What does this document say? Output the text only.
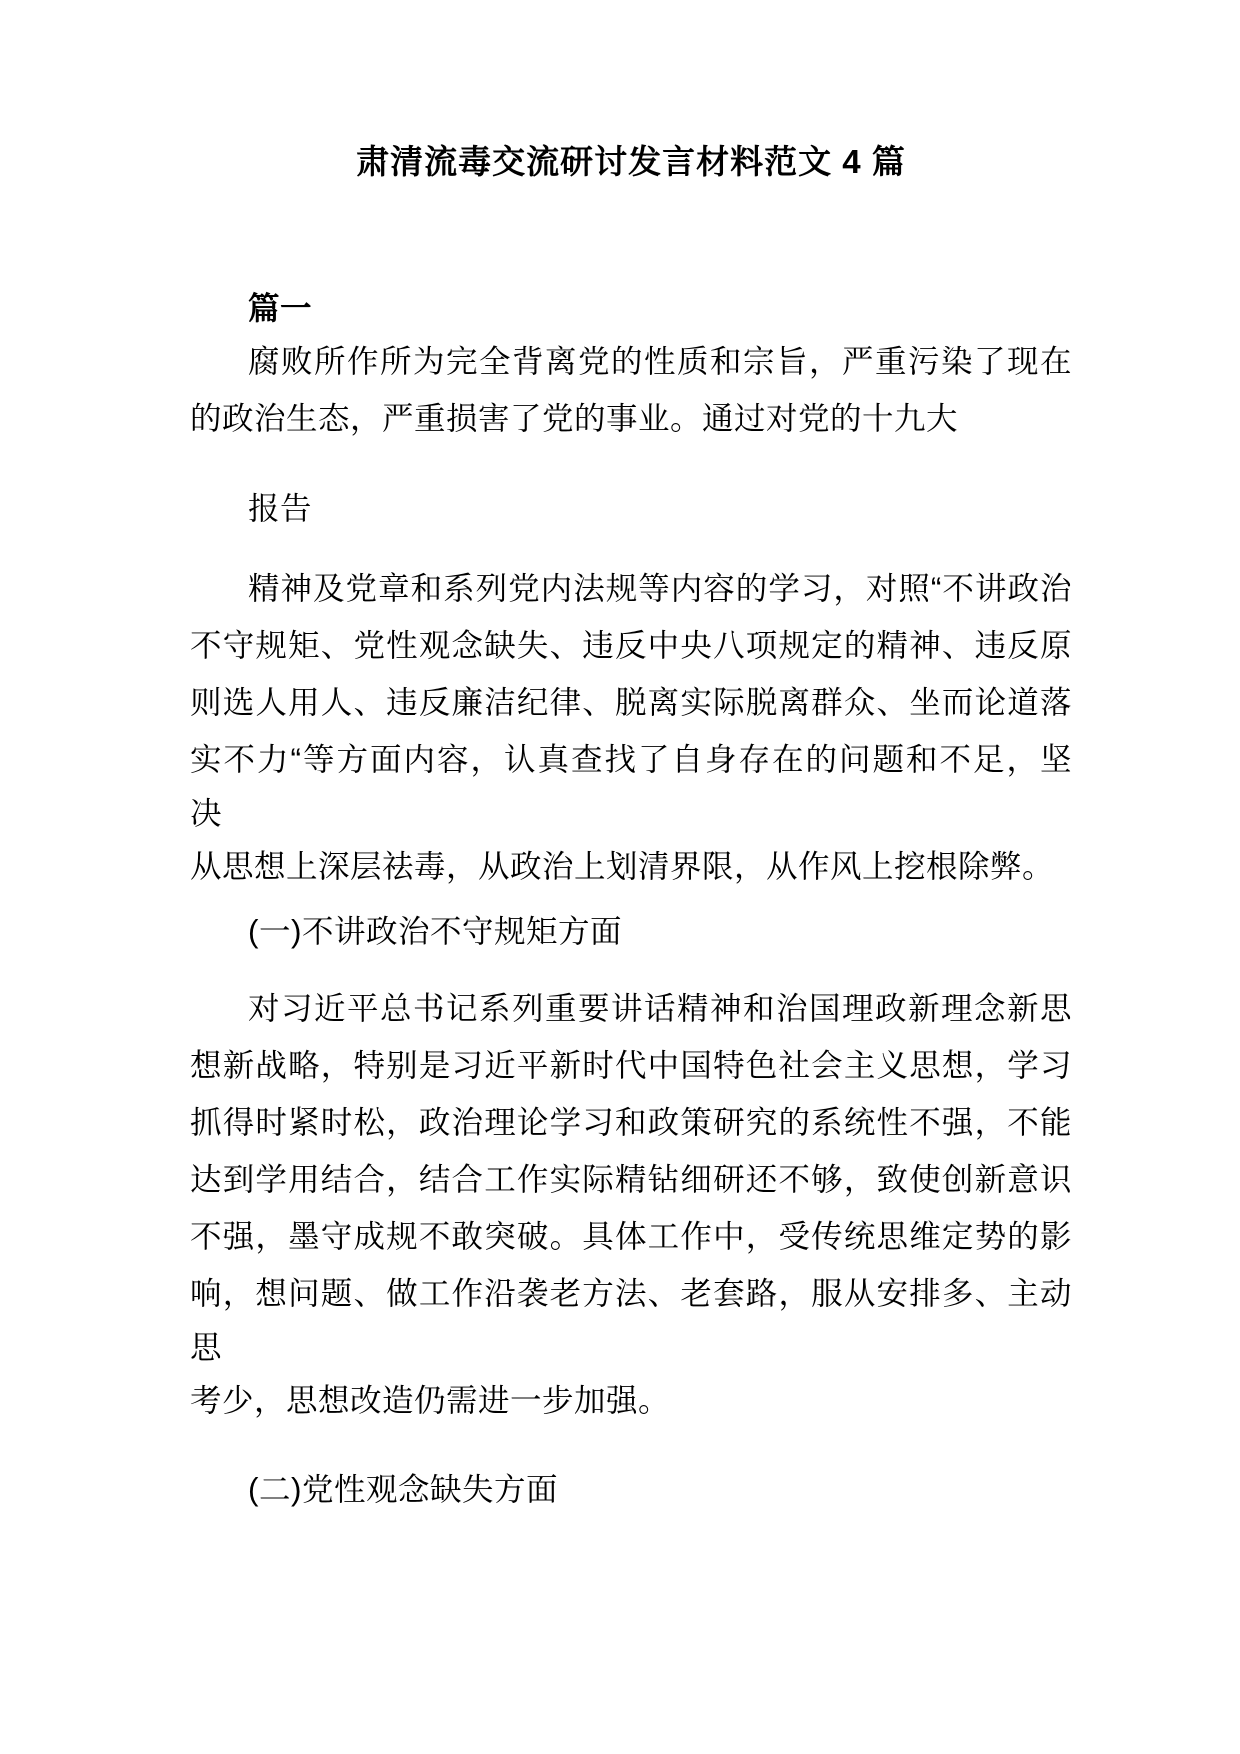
肃清流毒交流研讨发言材料范文 4 篇
篇一
腐败所作所为完全背离党的性质和宗旨，严重污染了现在
的政治生态，严重损害了党的事业。通过对党的十九大
报告
精神及党章和系列党内法规等内容的学习，对照“不讲政治
不守规矩、党性观念缺失、违反中央八项规定的精神、违反原
则选人用人、违反廉洁纪律、脱离实际脱离群众、坐而论道落
实不力“等方面内容，认真查找了自身存在的问题和不足，坚
决
从思想上深层祛毒，从政治上划清界限，从作风上挖根除弊。
(一)不讲政治不守规矩方面
对习近平总书记系列重要讲话精神和治国理政新理念新思
想新战略，特别是习近平新时代中国特色社会主义思想，学习
抓得时紧时松，政治理论学习和政策研究的系统性不强，不能
达到学用结合，结合工作实际精钻细研还不够，致使创新意识
不强，墨守成规不敢突破。具体工作中，受传统思维定势的影
响，想问题、做工作沿袭老方法、老套路，服从安排多、主动
思
考少，思想改造仍需进一步加强。
(二)党性观念缺失方面
